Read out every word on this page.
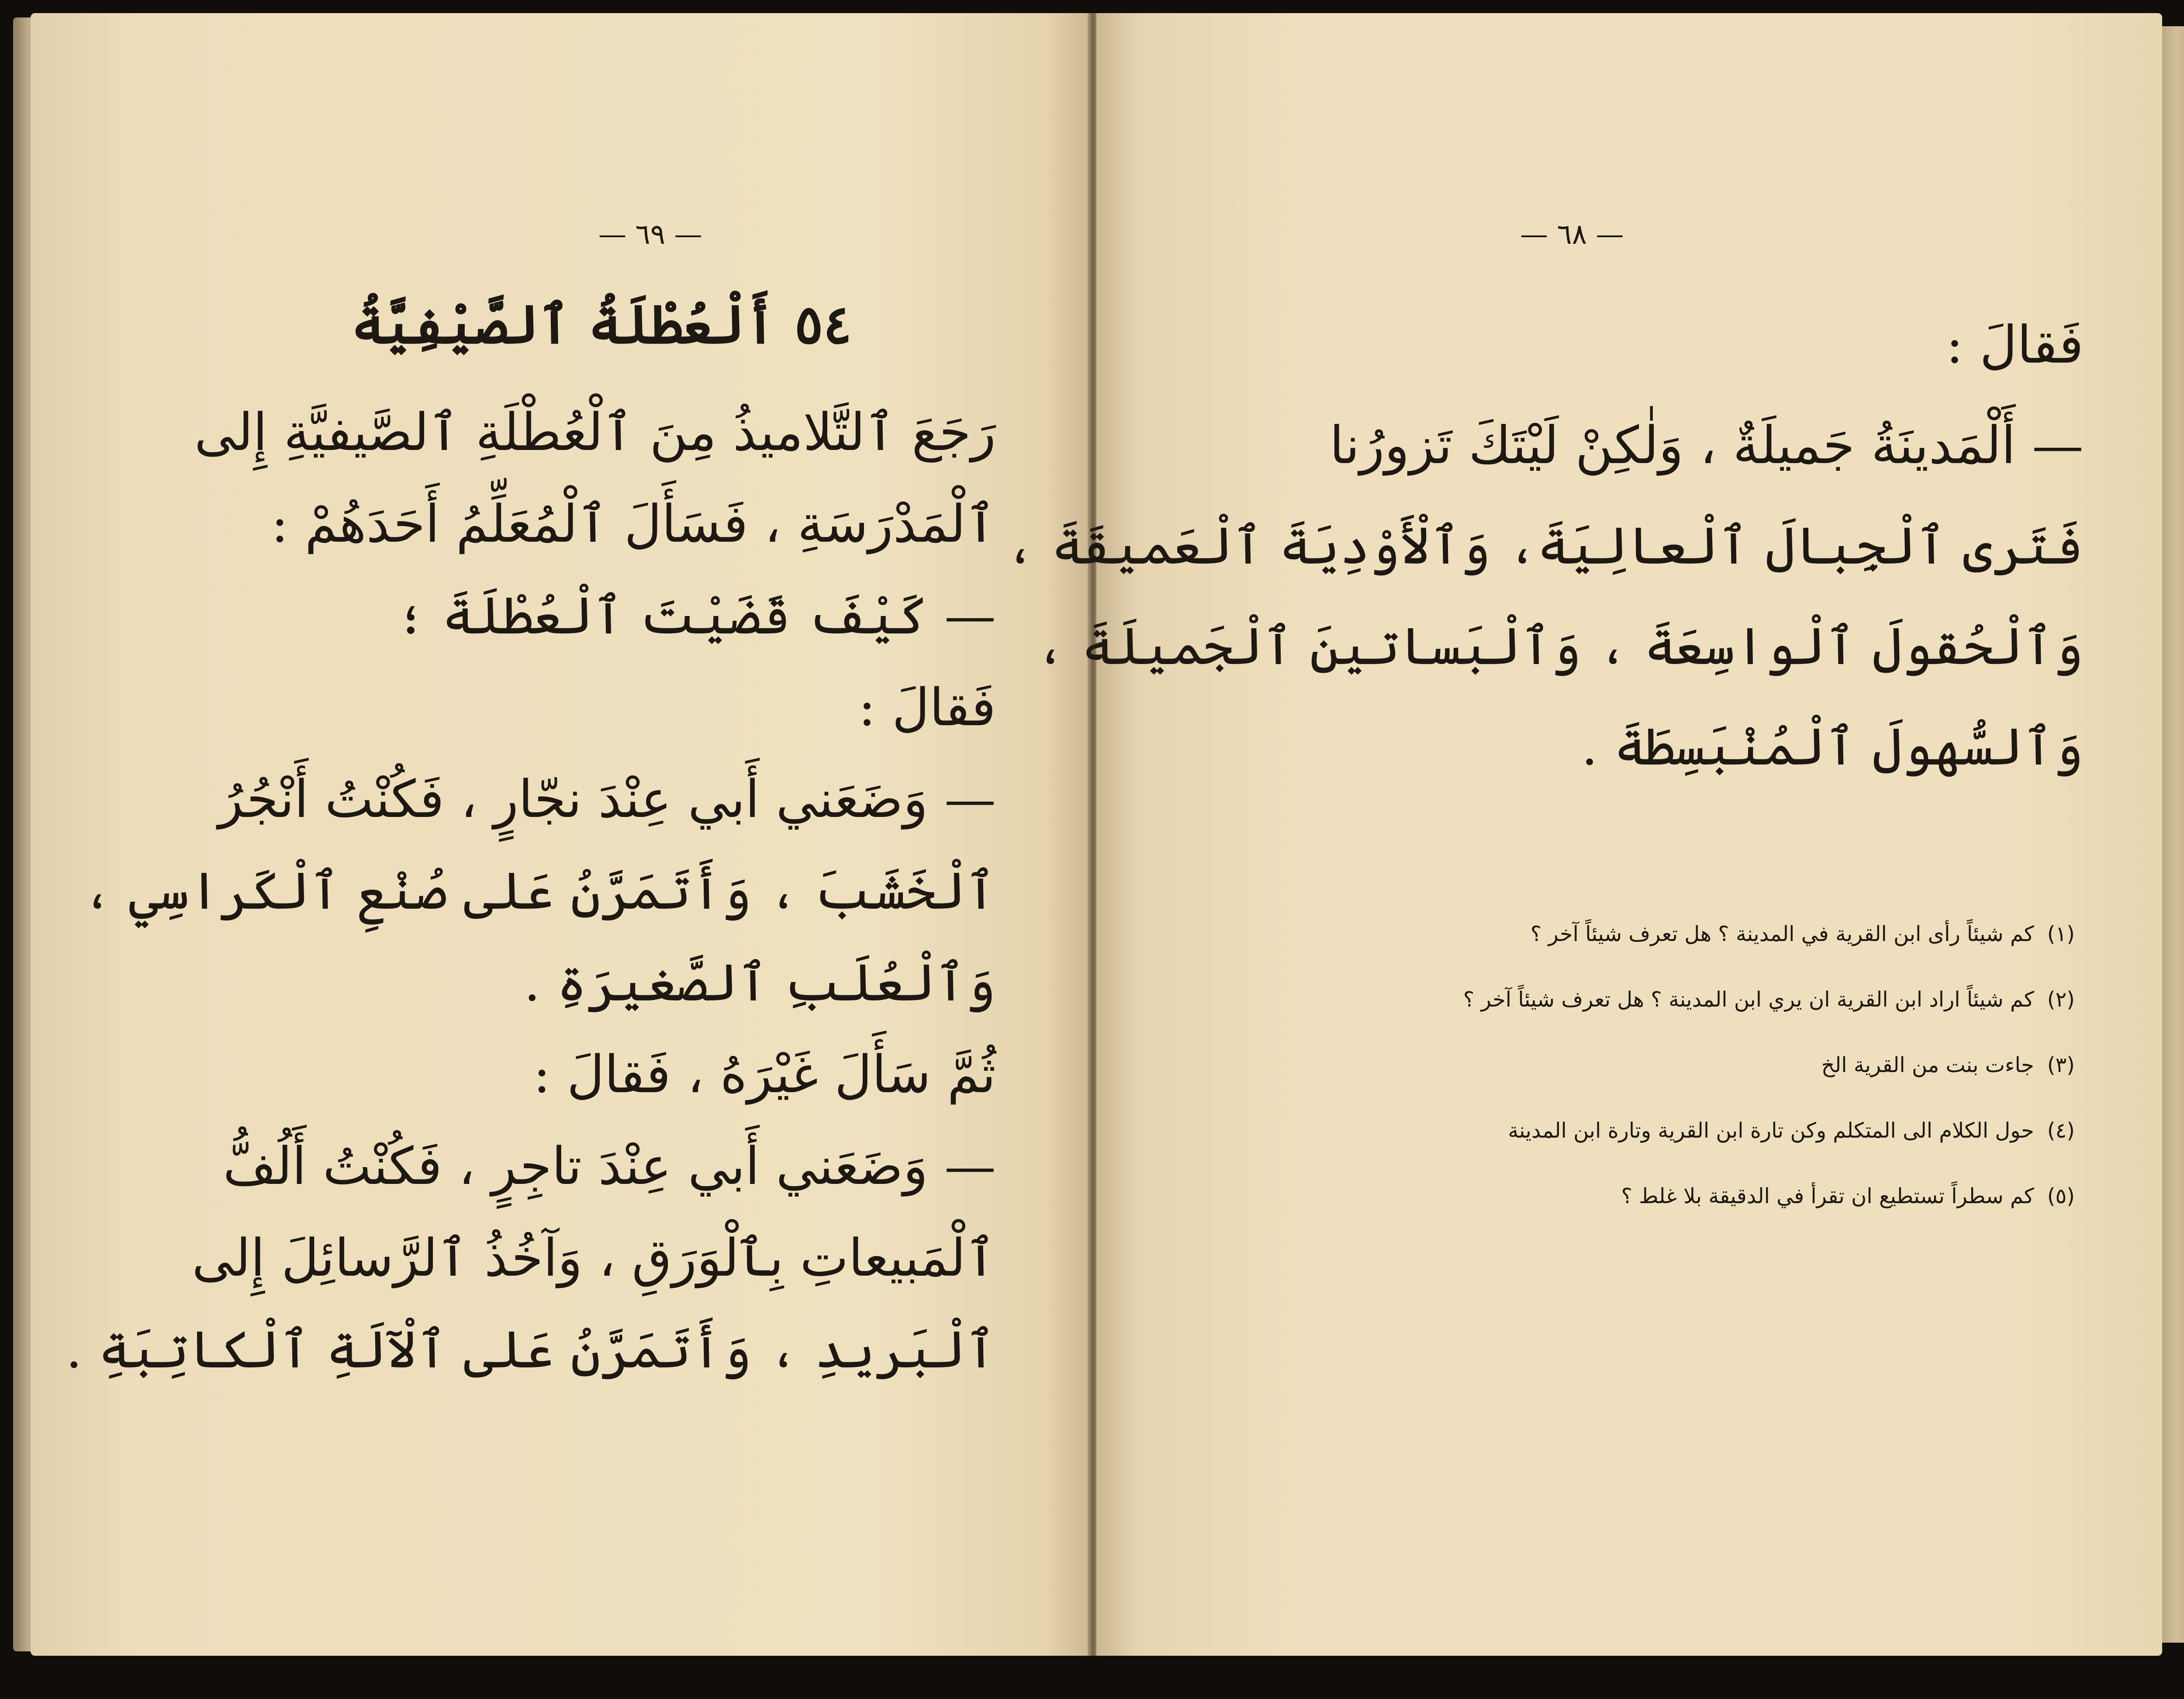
— ٦٩ —
٥٤ أَلْعُطْلَةُ ٱلصَّيْفِيَّةُ
رَجَعَ ٱلتَّلاميذُ مِنَ ٱلْعُطْلَةِ ٱلصَّيفيَّةِ إِلى
ٱلْمَدْرَسَةِ ، فَسَأَلَ ٱلْمُعَلِّمُ أَحَدَهُمْ :
— كَيْفَ قَضَيْتَ ٱلْعُطْلَةَ ؛
فَقالَ :
— وَضَعَني أَبي عِنْدَ نجّارٍ ، فَكُنْتُ أَنْجُرُ
ٱلْخَشَبَ ، وَأَتَمَرَّنُ عَلى صُنْعِ ٱلْكَراسِي ،
وَٱلْعُلَبِ ٱلصَّغيرَةِ .
ثُمَّ سَأَلَ غَيْرَهُ ، فَقالَ :
— وَضَعَني أَبي عِنْدَ تاجِرٍ ، فَكُنْتُ أَلُفُّ
ٱلْمَبيعاتِ بِٱلْوَرَقِ ، وَآخُذُ ٱلرَّسائِلَ إِلى
ٱلْبَريدِ ، وَأَتَمَرَّنُ عَلى ٱلْآلَةِ ٱلْكاتِبَةِ .
— ٦٨ —
فَقالَ :
— أَلْمَدينَةُ جَميلَةٌ ، وَلٰكِنْ لَيْتَكَ تَزورُنا
فَتَرى ٱلْجِبالَ ٱلْعالِيَةَ، وَٱلْأَوْدِيَةَ ٱلْعَميقَةَ ،
وَٱلْحُقولَ ٱلْواسِعَةَ ، وَٱلْبَساتينَ ٱلْجَميلَةَ ،
وَٱلسُّهولَ ٱلْمُنْبَسِطَةَ .
(١)كم شيئاً رأى ابن القرية في المدينة ؟ هل تعرف شيئاً آخر ؟
(٢)كم شيئاً اراد ابن القرية ان يري ابن المدينة ؟ هل تعرف شيئاً آخر ؟
(٣)جاءت بنت من القرية الخ
(٤)حول الكلام الى المتكلم وكن تارة ابن القرية وتارة ابن المدينة
(٥)كم سطراً تستطيع ان تقرأ في الدقيقة بلا غلط ؟
